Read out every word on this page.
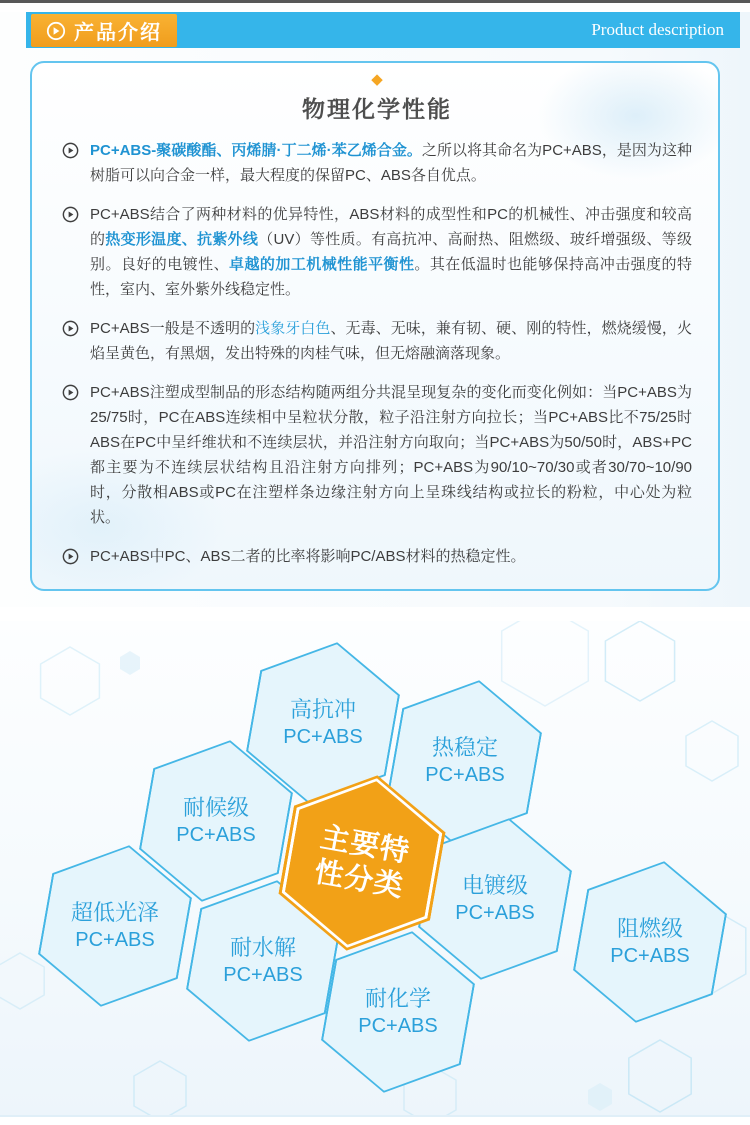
产品介绍	Product description
◆
物理化学性能
PC+ABS-聚碳酸酯、丙烯腈·丁二烯·苯乙烯合金。之所以将其命名为PC+ABS，是因为这种树脂可以向合金一样，最大程度的保留PC、ABS各自优点。
PC+ABS结合了两种材料的优异特性，ABS材料的成型性和PC的机械性、冲击强度和较高的热变形温度、抗紫外线（UV）等性质。有高抗冲、高耐热、阻燃级、玻纤增强级、等级别。良好的电镀性、卓越的加工机械性能平衡性。其在低温时也能够保持高冲击强度的特性，室内、室外紫外线稳定性。
PC+ABS一般是不透明的浅象牙白色、无毒、无味，兼有韧、硬、刚的特性，燃烧缓慢，火焰呈黄色，有黑烟，发出特殊的肉桂气味，但无熔融滴落现象。
PC+ABS注塑成型制品的形态结构随两组分共混呈现复杂的变化而变化例如：当PC+ABS为25/75时，PC在ABS连续相中呈粒状分散，粒子沿注射方向拉长；当PC+ABS比不75/25时ABS在PC中呈纤维状和不连续层状，并沿注射方向取向；当PC+ABS为50/50时，ABS+PC都主要为不连续层状结构且沿注射方向排列；PC+ABS为90/10~70/30或者30/70~10/90时，分散相ABS或PC在注塑样条边缘注射方向上呈珠线结构或拉长的粉粒，中心处为粒状。
PC+ABS中PC、ABS二者的比率将影响PC/ABS材料的热稳定性。
高抗冲
PC+ABS	热稳定
PC+ABS
耐候级
PC+ABS
电镀级
PC+ABS
超低光泽
PC+ABS	阻燃级
PC+ABS
耐水解
PC+ABS
耐化学
PC+ABS
主要特
性分类
